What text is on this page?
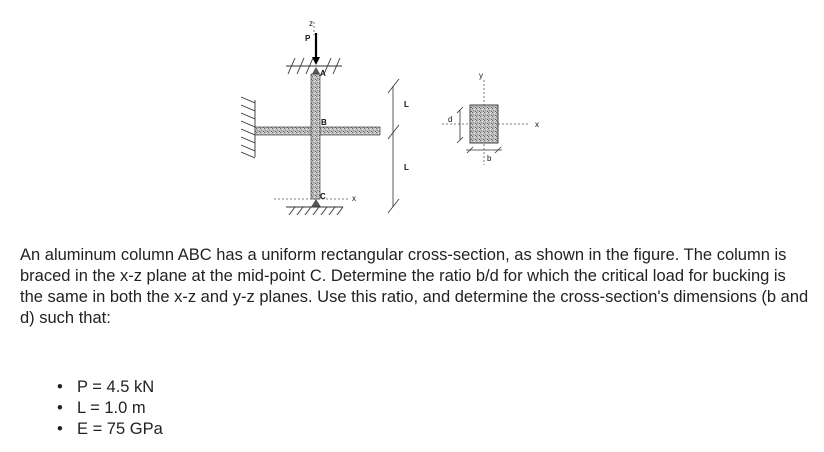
z
P
A
B
C	x
L
L
y
x
d
b

An aluminum column ABC has a uniform rectangular cross-section, as shown in the figure. The column is braced in the x-z plane at the mid-point C. Determine the ratio b/d for which the critical load for bucking is the same in both the x-z and y-z planes. Use this ratio, and determine the cross-section's dimensions (b and d) such that:

• P = 4.5 kN
• L = 1.0 m
• E = 75 GPa
